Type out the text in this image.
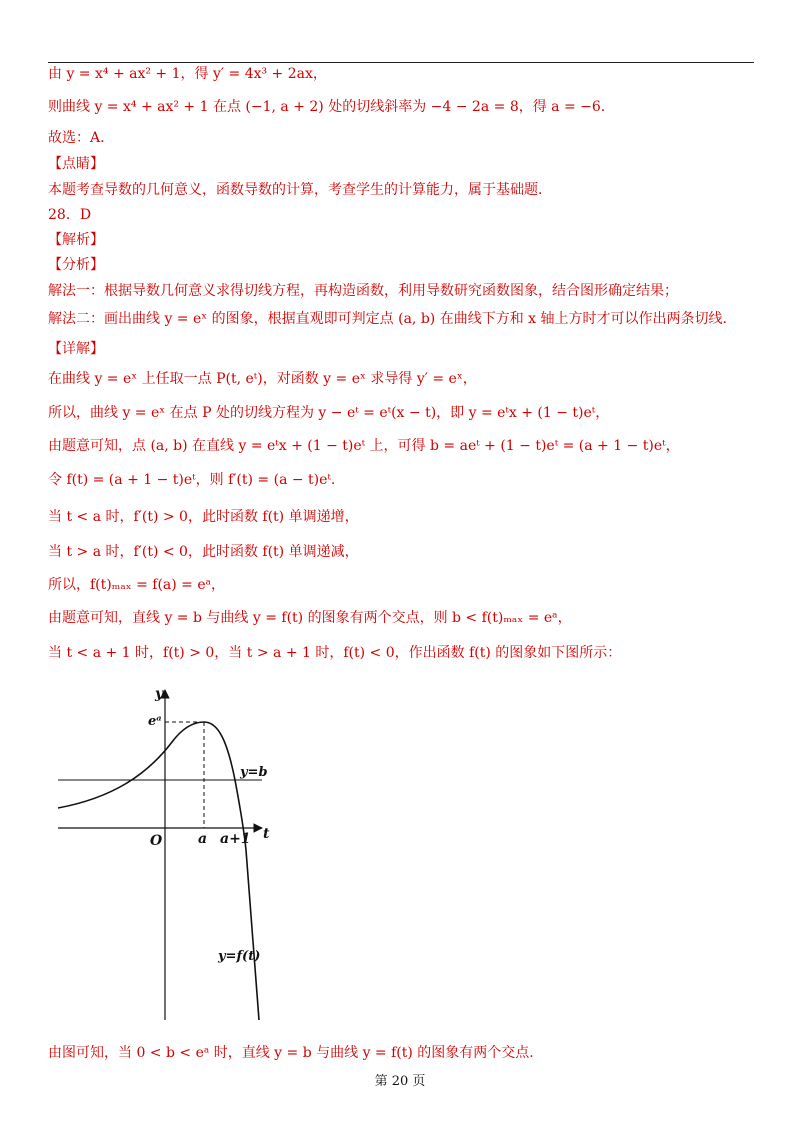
由 y = x⁴ + ax² + 1，得 y′ = 4x³ + 2ax，
则曲线 y = x⁴ + ax² + 1 在点 (−1, a + 2) 处的切线斜率为 −4 − 2a = 8，得 a = −6.
故选：A.
【点睛】
本题考查导数的几何意义，函数导数的计算，考查学生的计算能力，属于基础题.
28．D
【解析】
【分析】
解法一：根据导数几何意义求得切线方程，再构造函数，利用导数研究函数图象，结合图形确定结果；
解法二：画出曲线 y = eˣ 的图象，根据直观即可判定点 (a, b) 在曲线下方和 x 轴上方时才可以作出两条切线.
【详解】
在曲线 y = eˣ 上任取一点 P(t, eᵗ)，对函数 y = eˣ 求导得 y′ = eˣ，
所以，曲线 y = eˣ 在点 P 处的切线方程为 y − eᵗ = eᵗ(x − t)，即 y = eᵗx + (1 − t)eᵗ，
由题意可知，点 (a, b) 在直线 y = eᵗx + (1 − t)eᵗ 上，可得 b = aeᵗ + (1 − t)eᵗ = (a + 1 − t)eᵗ，
令 f(t) = (a + 1 − t)eᵗ，则 f′(t) = (a − t)eᵗ.
当 t < a 时，f′(t) > 0，此时函数 f(t) 单调递增，
当 t > a 时，f′(t) < 0，此时函数 f(t) 单调递减，
所以，f(t)ₘₐₓ = f(a) = eᵃ，
由题意可知，直线 y = b 与曲线 y = f(t) 的图象有两个交点，则 b < f(t)ₘₐₓ = eᵃ，
当 t < a + 1 时，f(t) > 0，当 t > a + 1 时，f(t) < 0，作出函数 f(t) 的图象如下图所示：
y
t
O
eᵃ
a a+1
y=b
y=f(t)
由图可知，当 0 < b < eᵃ 时，直线 y = b 与曲线 y = f(t) 的图象有两个交点.
第 20 页
